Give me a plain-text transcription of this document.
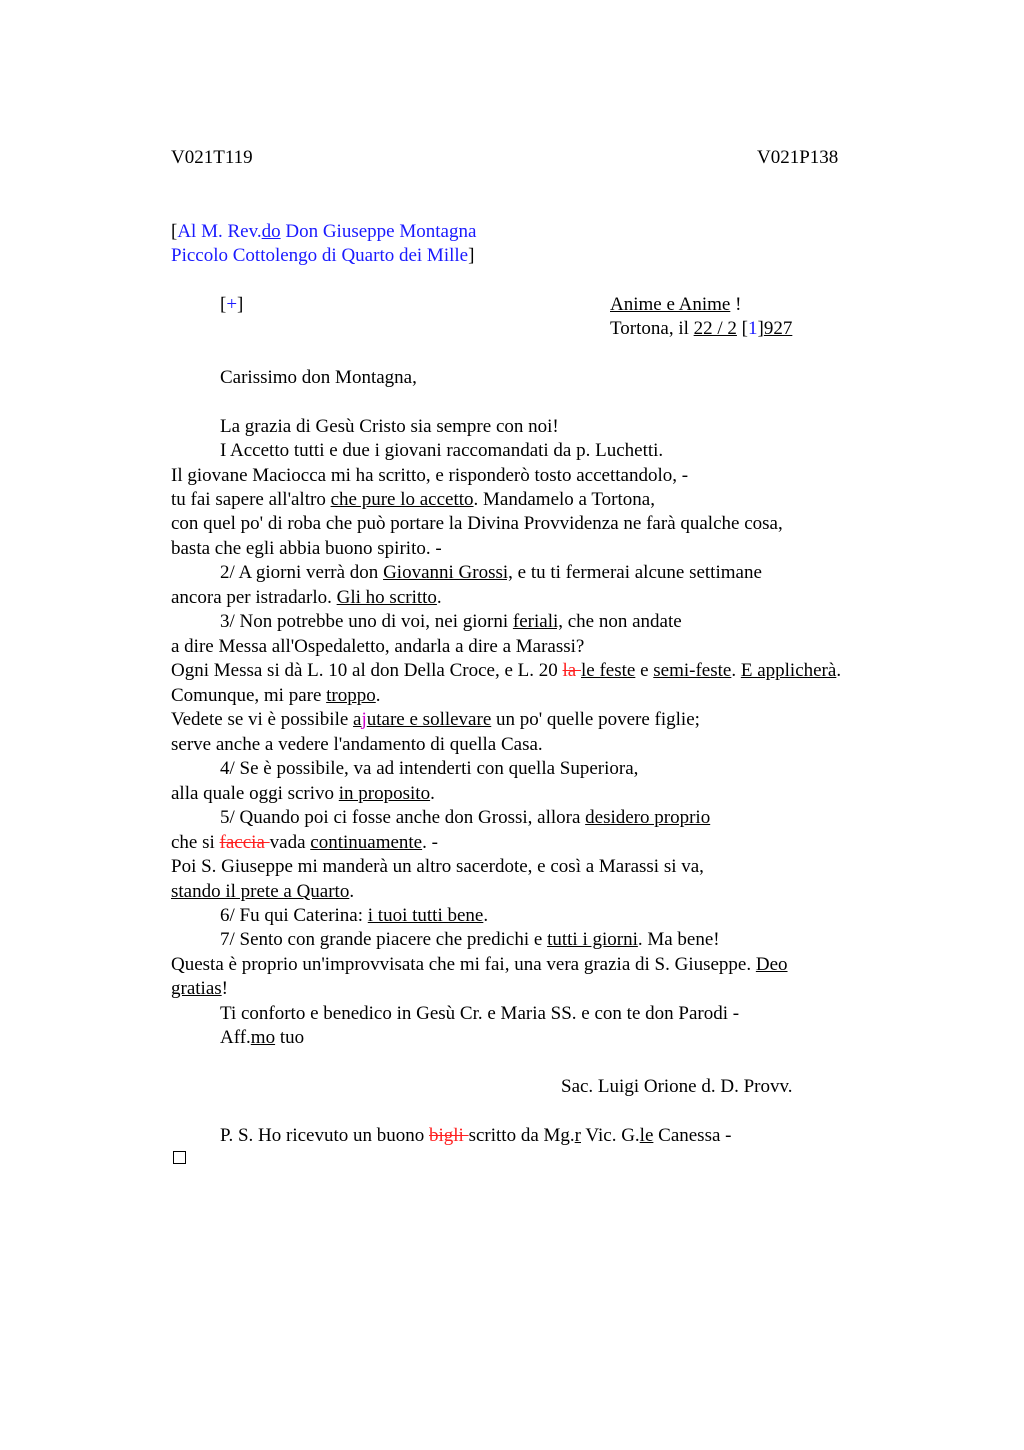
V021T119	V021P138
[Al M. Rev.do Don Giuseppe Montagna
Piccolo Cottolengo di Quarto dei Mille]
[+]	Anime e Anime !
Tortona, il 22 / 2 [1]927
Carissimo don Montagna,
La grazia di Gesù Cristo sia sempre con noi!
I Accetto tutti e due i giovani raccomandati da p. Luchetti.
Il giovane Maciocca mi ha scritto, e risponderò tosto accettandolo, -
tu fai sapere all'altro che pure lo accetto. Mandamelo a Tortona,
con quel po' di roba che può portare la Divina Provvidenza ne farà qualche cosa,
basta che egli abbia buono spirito. -
2/ A giorni verrà don Giovanni Grossi, e tu ti fermerai alcune settimane
ancora per istradarlo. Gli ho scritto.
3/ Non potrebbe uno di voi, nei giorni feriali, che non andate
a dire Messa all'Ospedaletto, andarla a dire a Marassi?
Ogni Messa si dà L. 10 al don Della Croce, e L. 20 la le feste e semi-feste. E applicherà.
Comunque, mi pare troppo.
Vedete se vi è possibile ajutare e sollevare un po' quelle povere figlie;
serve anche a vedere l'andamento di quella Casa.
4/ Se è possibile, va ad intenderti con quella Superiora,
alla quale oggi scrivo in proposito.
5/ Quando poi ci fosse anche don Grossi, allora desidero proprio
che si faccia vada continuamente. -
Poi S. Giuseppe mi manderà un altro sacerdote, e così a Marassi si va,
stando il prete a Quarto.
6/ Fu qui Caterina: i tuoi tutti bene.
7/ Sento con grande piacere che predichi e tutti i giorni. Ma bene!
Questa è proprio un'improvvisata che mi fai, una vera grazia di S. Giuseppe. Deo
gratias!
Ti conforto e benedico in Gesù Cr. e Maria SS. e con te don Parodi -
Aff.mo tuo
Sac. Luigi Orione d. D. Provv.
P. S. Ho ricevuto un buono bigli scritto da Mg.r Vic. G.le Canessa -
